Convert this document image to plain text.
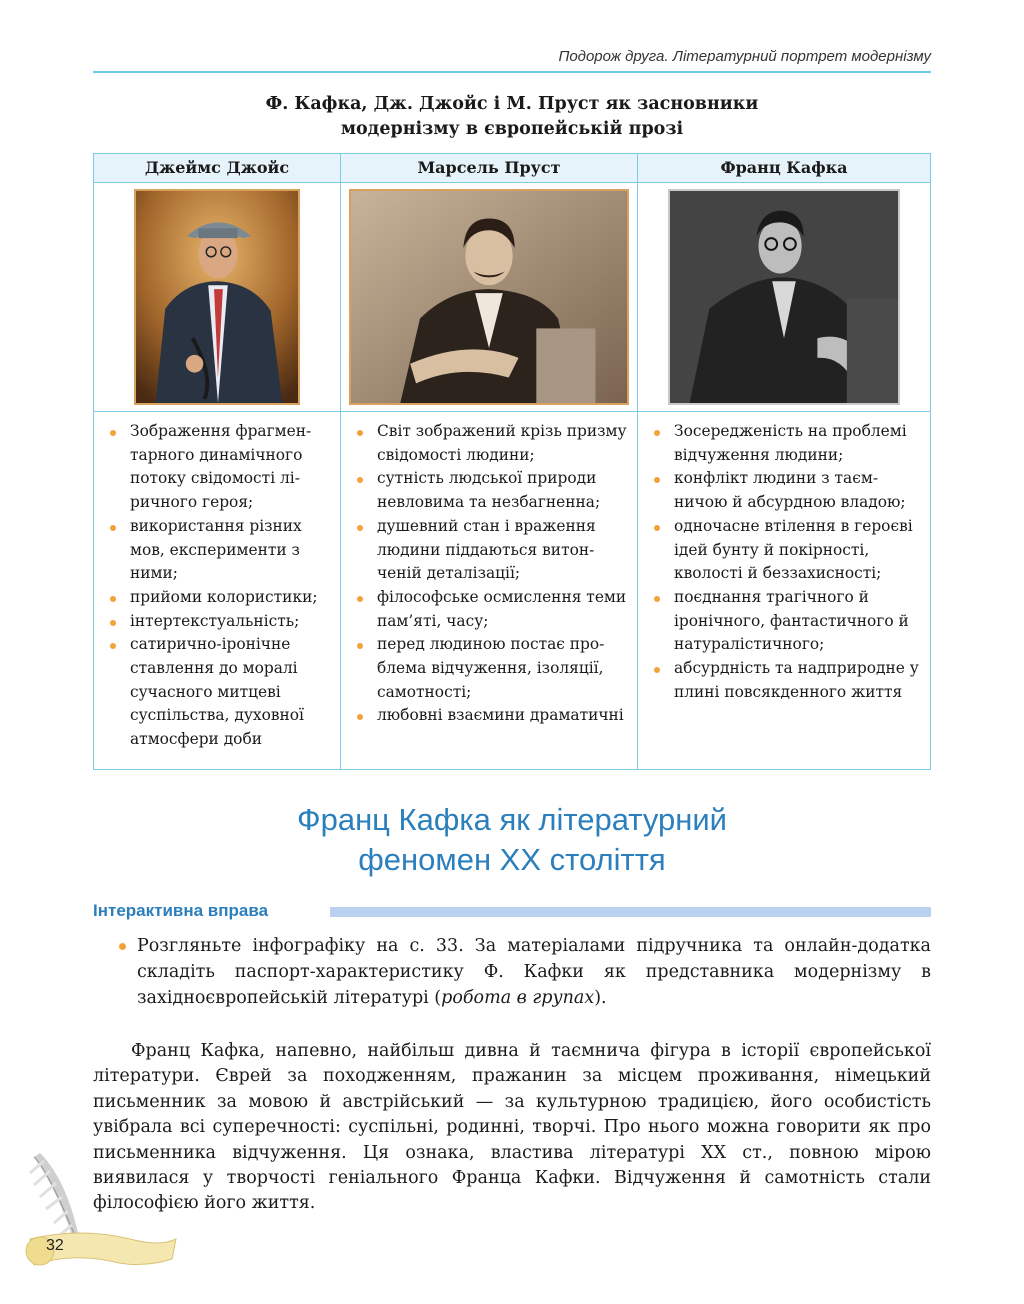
Подорож друга. Літературний портрет модернізму
Ф. Кафка, Дж. Джойс і М. Пруст як засновники
модернізму в європейській прозі
Джеймс Джойс
Зображення фрагментарного динамічного потоку свідомості ліричного героя;
використання різних мов, експерименти з ними;
прийоми колористики;
інтертекстуальність;
сатирично-іронічне ставлення до моралі сучасного митцеві суспільства, духовної атмосфери доби
Марсель Пруст
Світ зображений крізь призму свідомості людини;
сутність людської природи невловима та незбагненна;
душевний стан і враження людини піддаються витонченій деталізації;
філософське осмислення теми пам’яті, часу;
перед людиною постає проблема відчуження, ізоляції, самотності;
любовні взаємини драматичні
Франц Кафка
Зосередженість на проблемі відчуження людини;
конфлікт людини з таємничою й абсурдною владою;
одночасне втілення в героєві ідей бунту й покірності, кволості й беззахисності;
поєднання трагічного й іронічного, фантастичного й натуралістичного;
абсурдність та надприродне у плині повсякденного життя
Франц Кафка як літературний
феномен XX століття
Інтерактивна вправа

Розгляньте інфографіку на с. 33. За матеріалами підручника та онлайн-додатка складіть паспорт-характеристику Ф. Кафки як представника модернізму в західноєвропейській літературі (робота в групах).

Франц Кафка, напевно, найбільш дивна й таємнича фігура в історії європейської літератури. Єврей за походженням, пражанин за місцем проживання, німецький письменник за мовою й австрійський — за культурною традицією, його особистість увібрала всі суперечності: суспільні, родинні, творчі. Про нього можна говорити як про письменника відчуження. Ця ознака, властива літературі XX ст., повною мірою виявилася у творчості геніального Франца Кафки. Відчуження й самотність стали філософією його життя.

32
